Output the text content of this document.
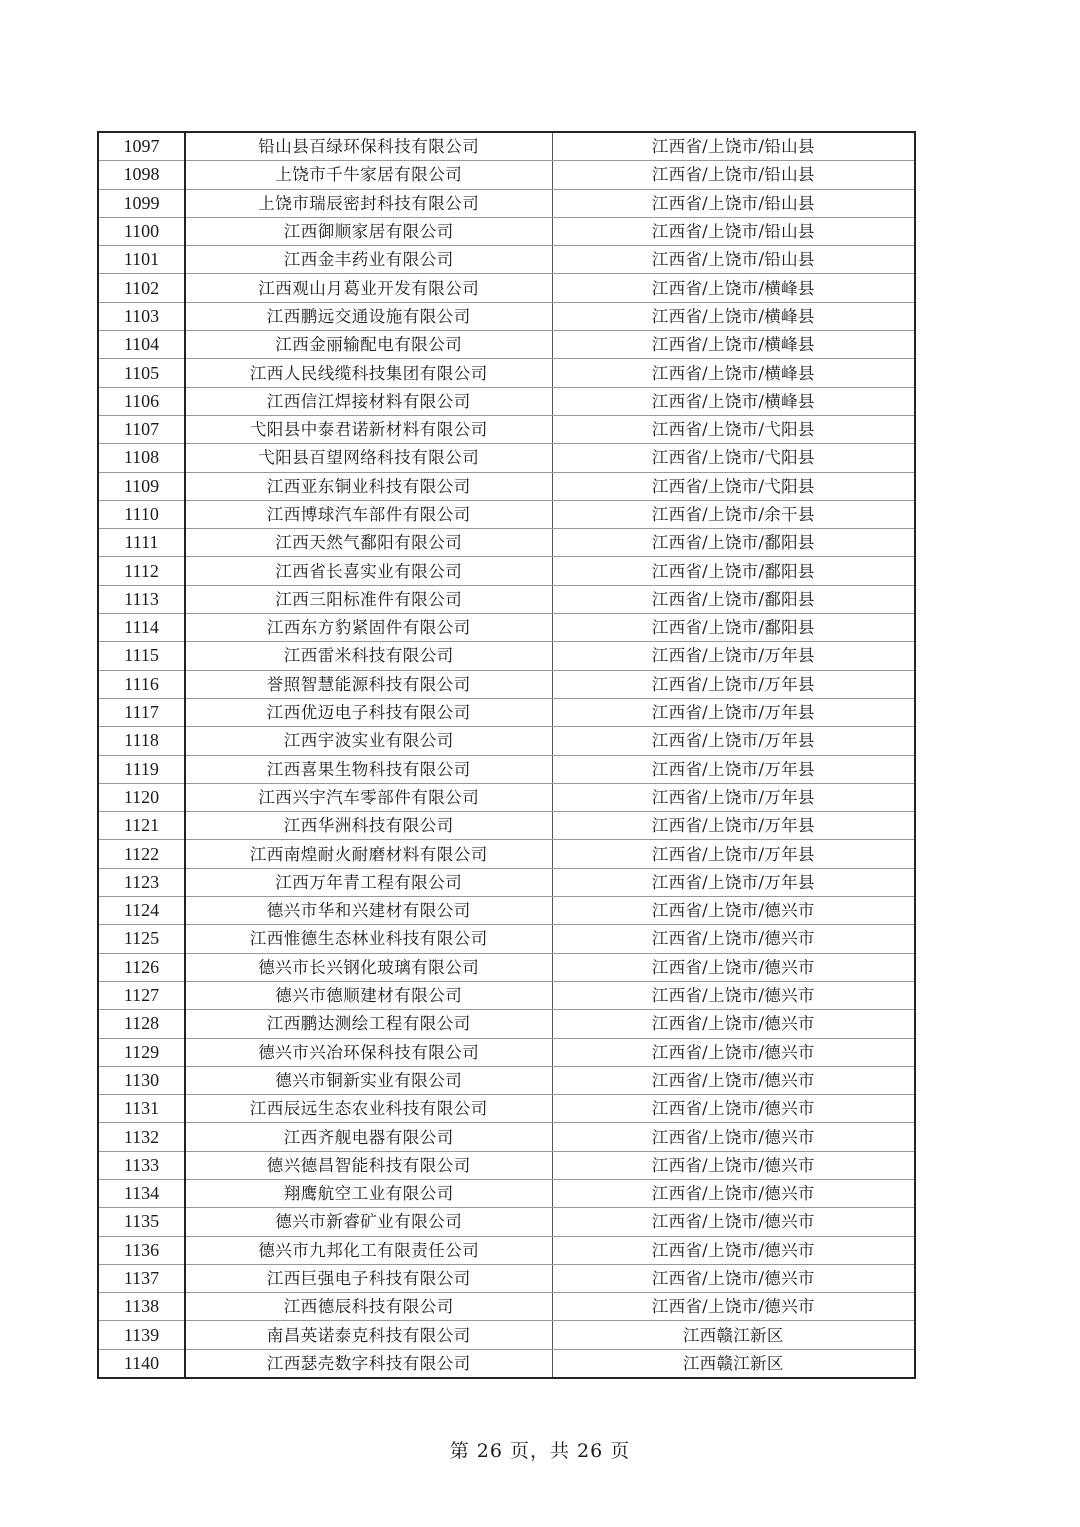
1097	铅山县百绿环保科技有限公司	江西省/上饶市/铅山县
1098	上饶市千牛家居有限公司	江西省/上饶市/铅山县
1099	上饶市瑞辰密封科技有限公司	江西省/上饶市/铅山县
1100	江西御顺家居有限公司	江西省/上饶市/铅山县
1101	江西金丰药业有限公司	江西省/上饶市/铅山县
1102	江西观山月葛业开发有限公司	江西省/上饶市/横峰县
1103	江西鹏远交通设施有限公司	江西省/上饶市/横峰县
1104	江西金丽输配电有限公司	江西省/上饶市/横峰县
1105	江西人民线缆科技集团有限公司	江西省/上饶市/横峰县
1106	江西信江焊接材料有限公司	江西省/上饶市/横峰县
1107	弋阳县中泰君诺新材料有限公司	江西省/上饶市/弋阳县
1108	弋阳县百望网络科技有限公司	江西省/上饶市/弋阳县
1109	江西亚东铜业科技有限公司	江西省/上饶市/弋阳县
1110	江西博球汽车部件有限公司	江西省/上饶市/余干县
1111	江西天然气鄱阳有限公司	江西省/上饶市/鄱阳县
1112	江西省长喜实业有限公司	江西省/上饶市/鄱阳县
1113	江西三阳标准件有限公司	江西省/上饶市/鄱阳县
1114	江西东方豹紧固件有限公司	江西省/上饶市/鄱阳县
1115	江西雷米科技有限公司	江西省/上饶市/万年县
1116	誉照智慧能源科技有限公司	江西省/上饶市/万年县
1117	江西优迈电子科技有限公司	江西省/上饶市/万年县
1118	江西宇波实业有限公司	江西省/上饶市/万年县
1119	江西喜果生物科技有限公司	江西省/上饶市/万年县
1120	江西兴宇汽车零部件有限公司	江西省/上饶市/万年县
1121	江西华洲科技有限公司	江西省/上饶市/万年县
1122	江西南煌耐火耐磨材料有限公司	江西省/上饶市/万年县
1123	江西万年青工程有限公司	江西省/上饶市/万年县
1124	德兴市华和兴建材有限公司	江西省/上饶市/德兴市
1125	江西惟德生态林业科技有限公司	江西省/上饶市/德兴市
1126	德兴市长兴钢化玻璃有限公司	江西省/上饶市/德兴市
1127	德兴市德顺建材有限公司	江西省/上饶市/德兴市
1128	江西鹏达测绘工程有限公司	江西省/上饶市/德兴市
1129	德兴市兴冶环保科技有限公司	江西省/上饶市/德兴市
1130	德兴市铜新实业有限公司	江西省/上饶市/德兴市
1131	江西辰远生态农业科技有限公司	江西省/上饶市/德兴市
1132	江西齐舰电器有限公司	江西省/上饶市/德兴市
1133	德兴德昌智能科技有限公司	江西省/上饶市/德兴市
1134	翔鹰航空工业有限公司	江西省/上饶市/德兴市
1135	德兴市新睿矿业有限公司	江西省/上饶市/德兴市
1136	德兴市九邦化工有限责任公司	江西省/上饶市/德兴市
1137	江西巨强电子科技有限公司	江西省/上饶市/德兴市
1138	江西德辰科技有限公司	江西省/上饶市/德兴市
1139	南昌英诺泰克科技有限公司	江西赣江新区
1140	江西瑟壳数字科技有限公司	江西赣江新区
第 26 页，共 26 页
